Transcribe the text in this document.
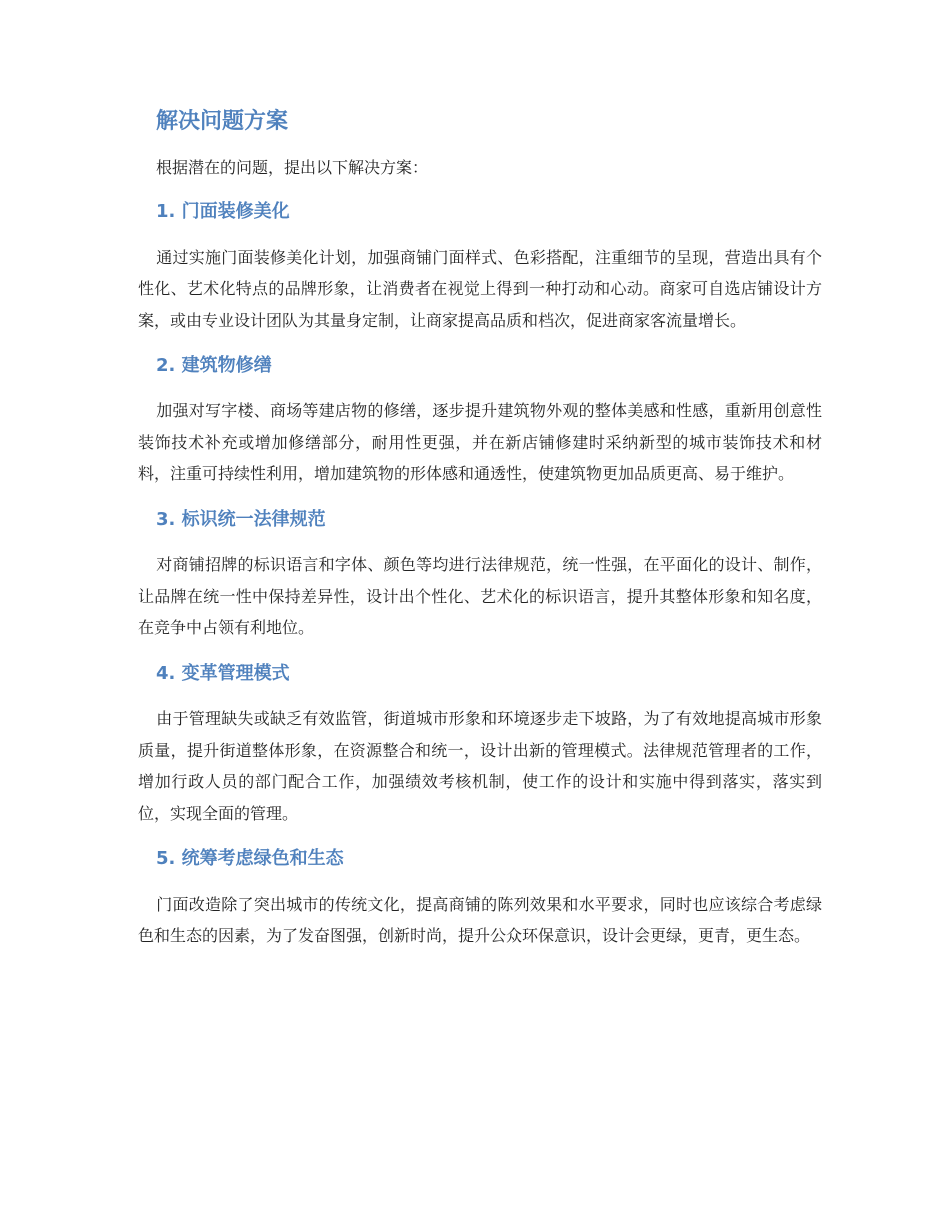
解决问题方案

根据潜在的问题，提出以下解决方案：

1. 门面装修美化

通过实施门面装修美化计划，加强商铺门面样式、色彩搭配，注重细节的呈现，营造出具有个性化、艺术化特点的品牌形象，让消费者在视觉上得到一种打动和心动。商家可自选店铺设计方案，或由专业设计团队为其量身定制，让商家提高品质和档次，促进商家客流量增长。

2. 建筑物修缮

加强对写字楼、商场等建店物的修缮，逐步提升建筑物外观的整体美感和性感，重新用创意性装饰技术补充或增加修缮部分，耐用性更强，并在新店铺修建时采纳新型的城市装饰技术和材料，注重可持续性利用，增加建筑物的形体感和通透性，使建筑物更加品质更高、易于维护。

3. 标识统一法律规范

对商铺招牌的标识语言和字体、颜色等均进行法律规范，统一性强，在平面化的设计、制作，让品牌在统一性中保持差异性，设计出个性化、艺术化的标识语言，提升其整体形象和知名度，在竞争中占领有利地位。

4. 变革管理模式

由于管理缺失或缺乏有效监管，街道城市形象和环境逐步走下坡路，为了有效地提高城市形象质量，提升街道整体形象，在资源整合和统一，设计出新的管理模式。法律规范管理者的工作，增加行政人员的部门配合工作，加强绩效考核机制，使工作的设计和实施中得到落实，落实到位，实现全面的管理。

5. 统筹考虑绿色和生态

门面改造除了突出城市的传统文化，提高商铺的陈列效果和水平要求，同时也应该综合考虑绿色和生态的因素，为了发奋图强，创新时尚，提升公众环保意识，设计会更绿，更青，更生态。
